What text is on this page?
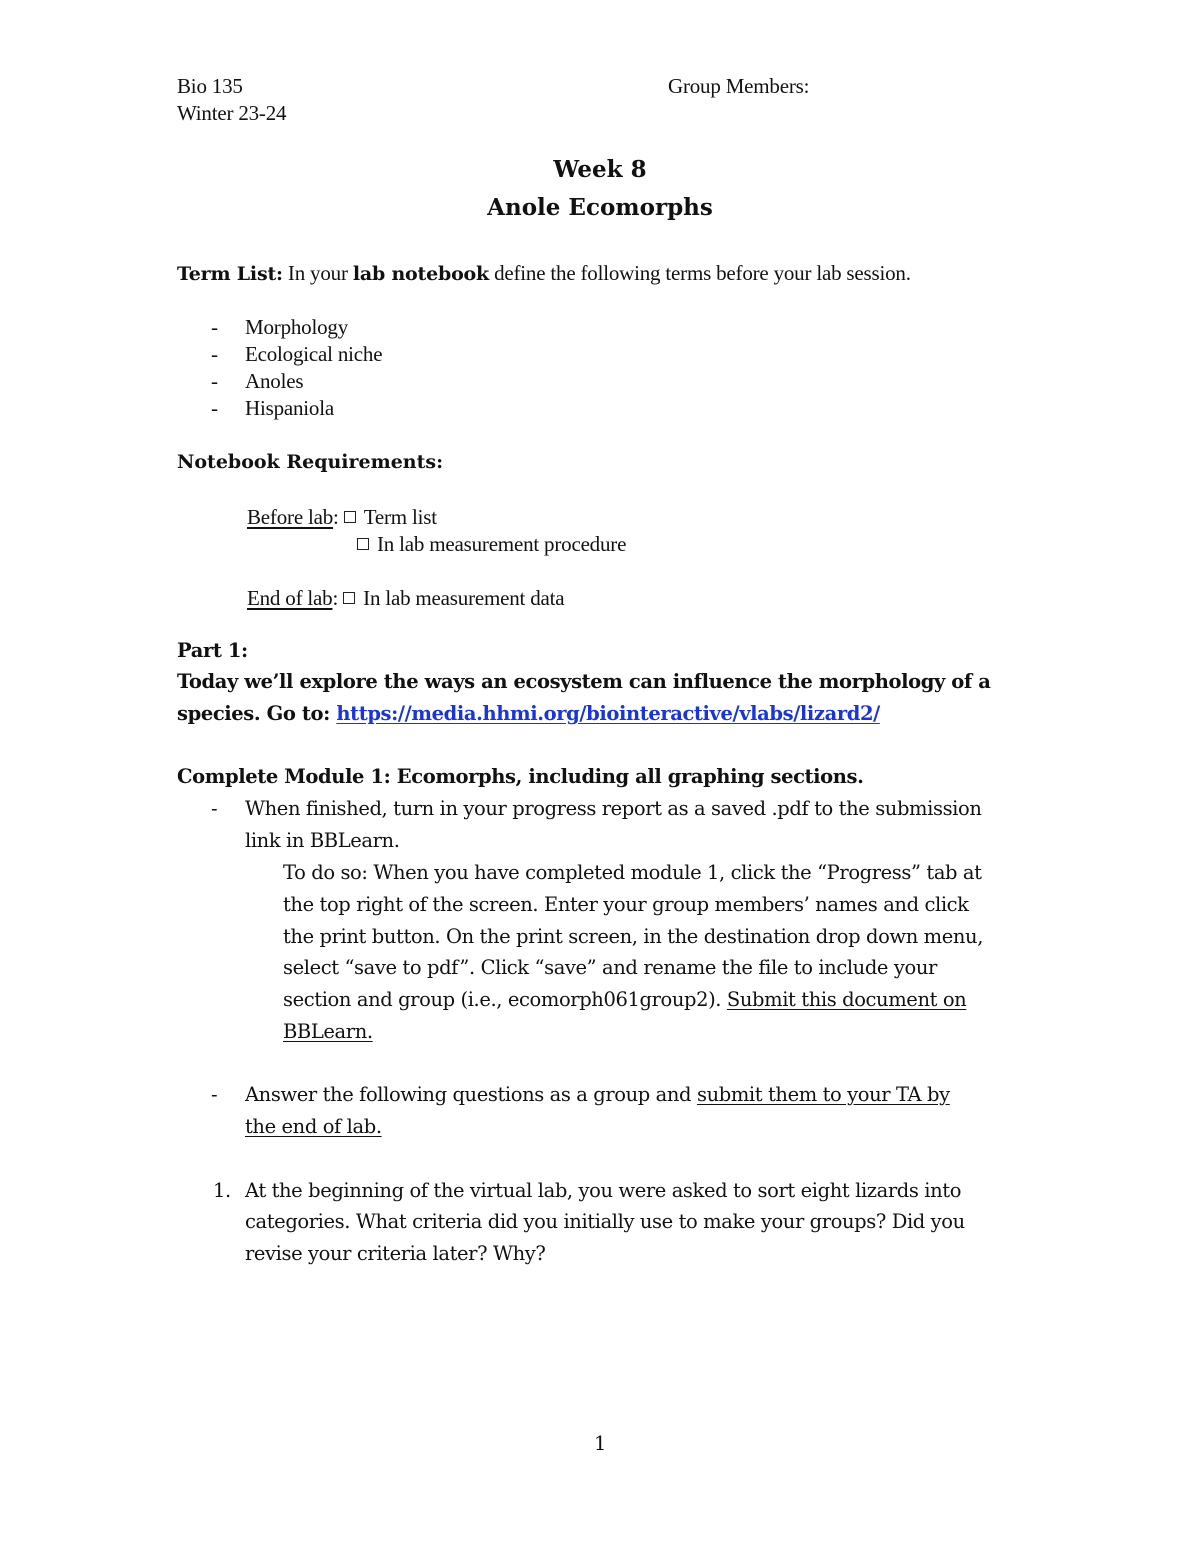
Bio 135
Winter 23-24
Group Members:
Week 8
Anole Ecomorphs
Term List: In your lab notebook define the following terms before your lab session.
- Morphology
- Ecological niche
- Anoles
- Hispaniola
Notebook Requirements:
Before lab: Term list
In lab measurement procedure
End of lab: In lab measurement data
Part 1:
Today we’ll explore the ways an ecosystem can influence the morphology of a
species. Go to: https://media.hhmi.org/biointeractive/vlabs/lizard2/
Complete Module 1: Ecomorphs, including all graphing sections.
- When finished, turn in your progress report as a saved .pdf to the submission
link in BBLearn.
To do so: When you have completed module 1, click the “Progress” tab at
the top right of the screen. Enter your group members’ names and click
the print button. On the print screen, in the destination drop down menu,
select “save to pdf”. Click “save” and rename the file to include your
section and group (i.e., ecomorph061group2). Submit this document on
BBLearn.
- Answer the following questions as a group and submit them to your TA by
the end of lab.
1. At the beginning of the virtual lab, you were asked to sort eight lizards into
categories. What criteria did you initially use to make your groups? Did you
revise your criteria later? Why?
1
